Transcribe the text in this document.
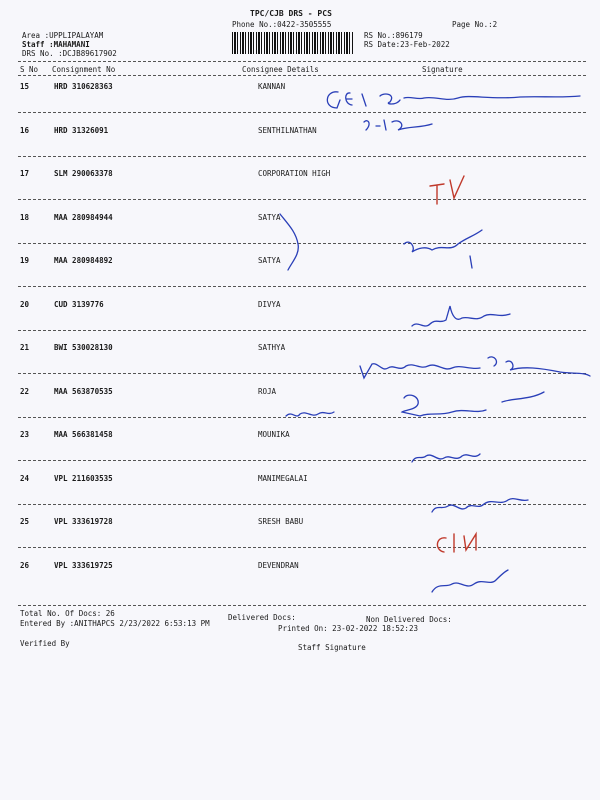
TPC/CJB DRS - PCS
Phone No.:0422-3505555	Page No.:2
Area :UPPLIPALAYAM
Staff :MAHAMANI
DRS No. :DCJB89617902
RS No.:896179
RS Date:23-Feb-2022
S No Consignment No	Consignee Details	Signature
15	HRD 310628363	KANNAN
16	HRD 31326091	SENTHILNATHAN
17	SLM 290063378	CORPORATION HIGH
18	MAA 280984944	SATYA
19	MAA 280984892	SATYA
20	CUD 3139776	DIVYA
21	BWI 530028130	SATHYA
22	MAA 563870535	ROJA
23	MAA 566381458	MOUNIKA
24	VPL 211603535	MANIMEGALAI
25	VPL 333619728	SRESH BABU
26	VPL 333619725	DEVENDRAN
Total No. Of Docs: 26	Delivered Docs:	Non Delivered Docs:
Entered By :ANITHAPCS 2/23/2022 6:53:13 PM
Printed On: 23-02-2022 18:52:23
Verified By	Staff Signature
